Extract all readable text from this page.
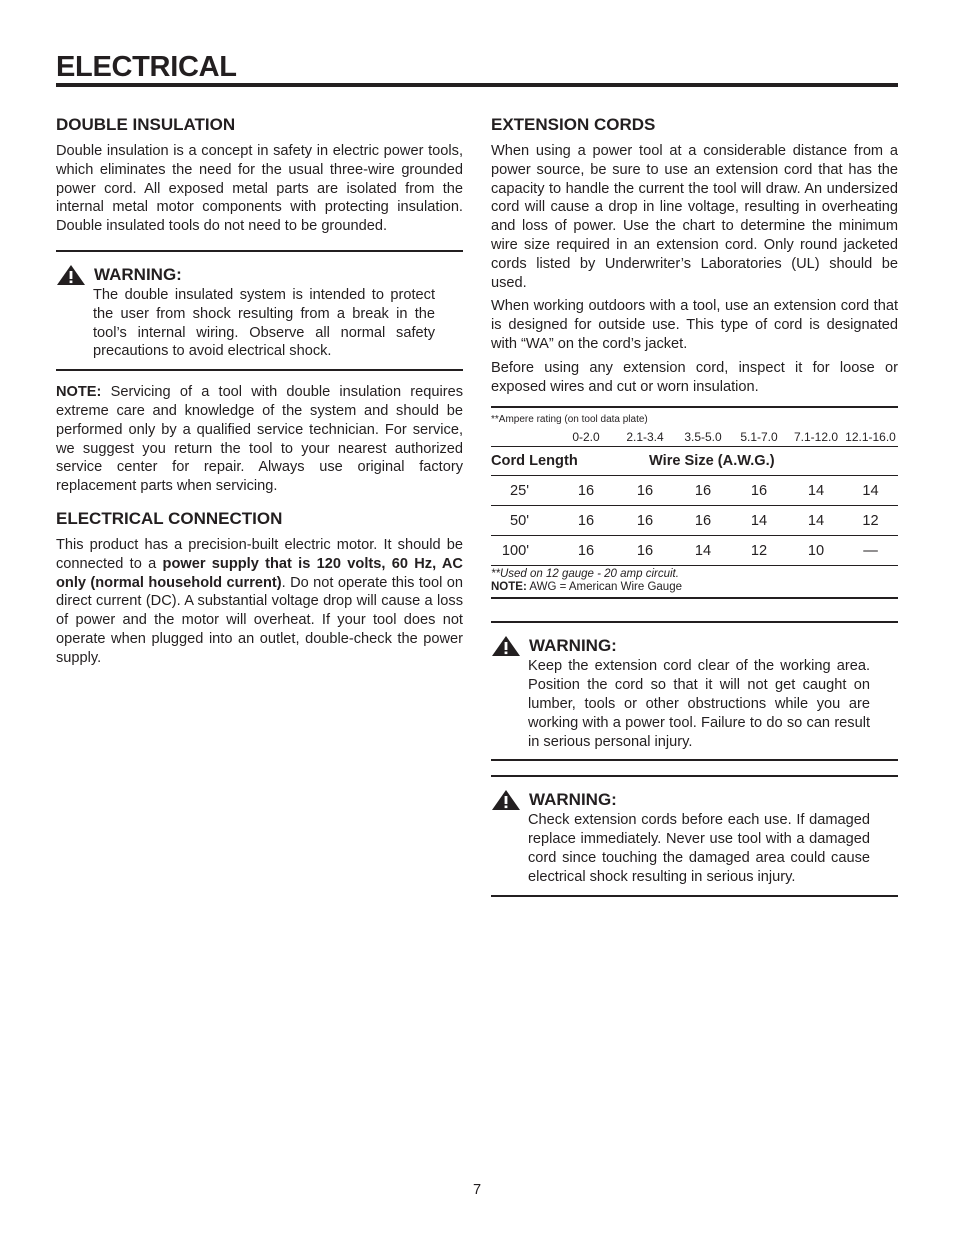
ELECTRICAL
DOUBLE INSULATION

Double insulation is a concept in safety in electric power tools, which eliminates the need for the usual three-wire grounded power cord. All exposed metal parts are isolated from the internal metal motor components with protecting insulation. Double insulated tools do not need to be grounded.

WARNING:
The double insulated system is intended to protect the user from shock resulting from a break in the tool’s internal wiring. Observe all normal safety precautions to avoid electrical shock.

NOTE: Servicing of a tool with double insulation requires extreme care and knowledge of the system and should be performed only by a qualified service technician. For service, we suggest you return the tool to your nearest authorized service center for repair. Always use original factory replacement parts when servicing.

ELECTRICAL CONNECTION

This product has a precision-built electric motor. It should be connected to a power supply that is 120 volts, 60 Hz, AC only (normal household current). Do not operate this tool on direct current (DC). A substantial voltage drop will cause a loss of power and the motor will overheat. If your tool does not operate when plugged into an outlet, double-check the power supply.

EXTENSION CORDS

When using a power tool at a considerable distance from a power source, be sure to use an extension cord that has the capacity to handle the current the tool will draw. An undersized cord will cause a drop in line voltage, resulting in overheating and loss of power. Use the chart to determine the minimum wire size required in an extension cord. Only round jacketed cords listed by Underwriter’s Laboratories (UL) should be used.

When working outdoors with a tool, use an extension cord that is designed for outside use. This type of cord is designated with “WA” on the cord’s jacket.

Before using any extension cord, inspect it for loose or exposed wires and cut or worn insulation.

**Ampere rating (on tool data plate)
0-2.0	2.1-3.4	3.5-5.0	5.1-7.0	7.1-12.0 12.1-16.0
Cord Length	Wire Size (A.W.G.)
25'	16	16	16	16	14	14
50'	16	16	16	14	14	12
100'	16	16	14	12	10	—
**Used on 12 gauge - 20 amp circuit.
NOTE: AWG = American Wire Gauge
WARNING:
Keep the extension cord clear of the working area. Position the cord so that it will not get caught on lumber, tools or other obstructions while you are working with a power tool. Failure to do so can result in serious personal injury.
WARNING:
Check extension cords before each use. If damaged replace immediately. Never use tool with a damaged cord since touching the damaged area could cause electrical shock resulting in serious injury.
7
